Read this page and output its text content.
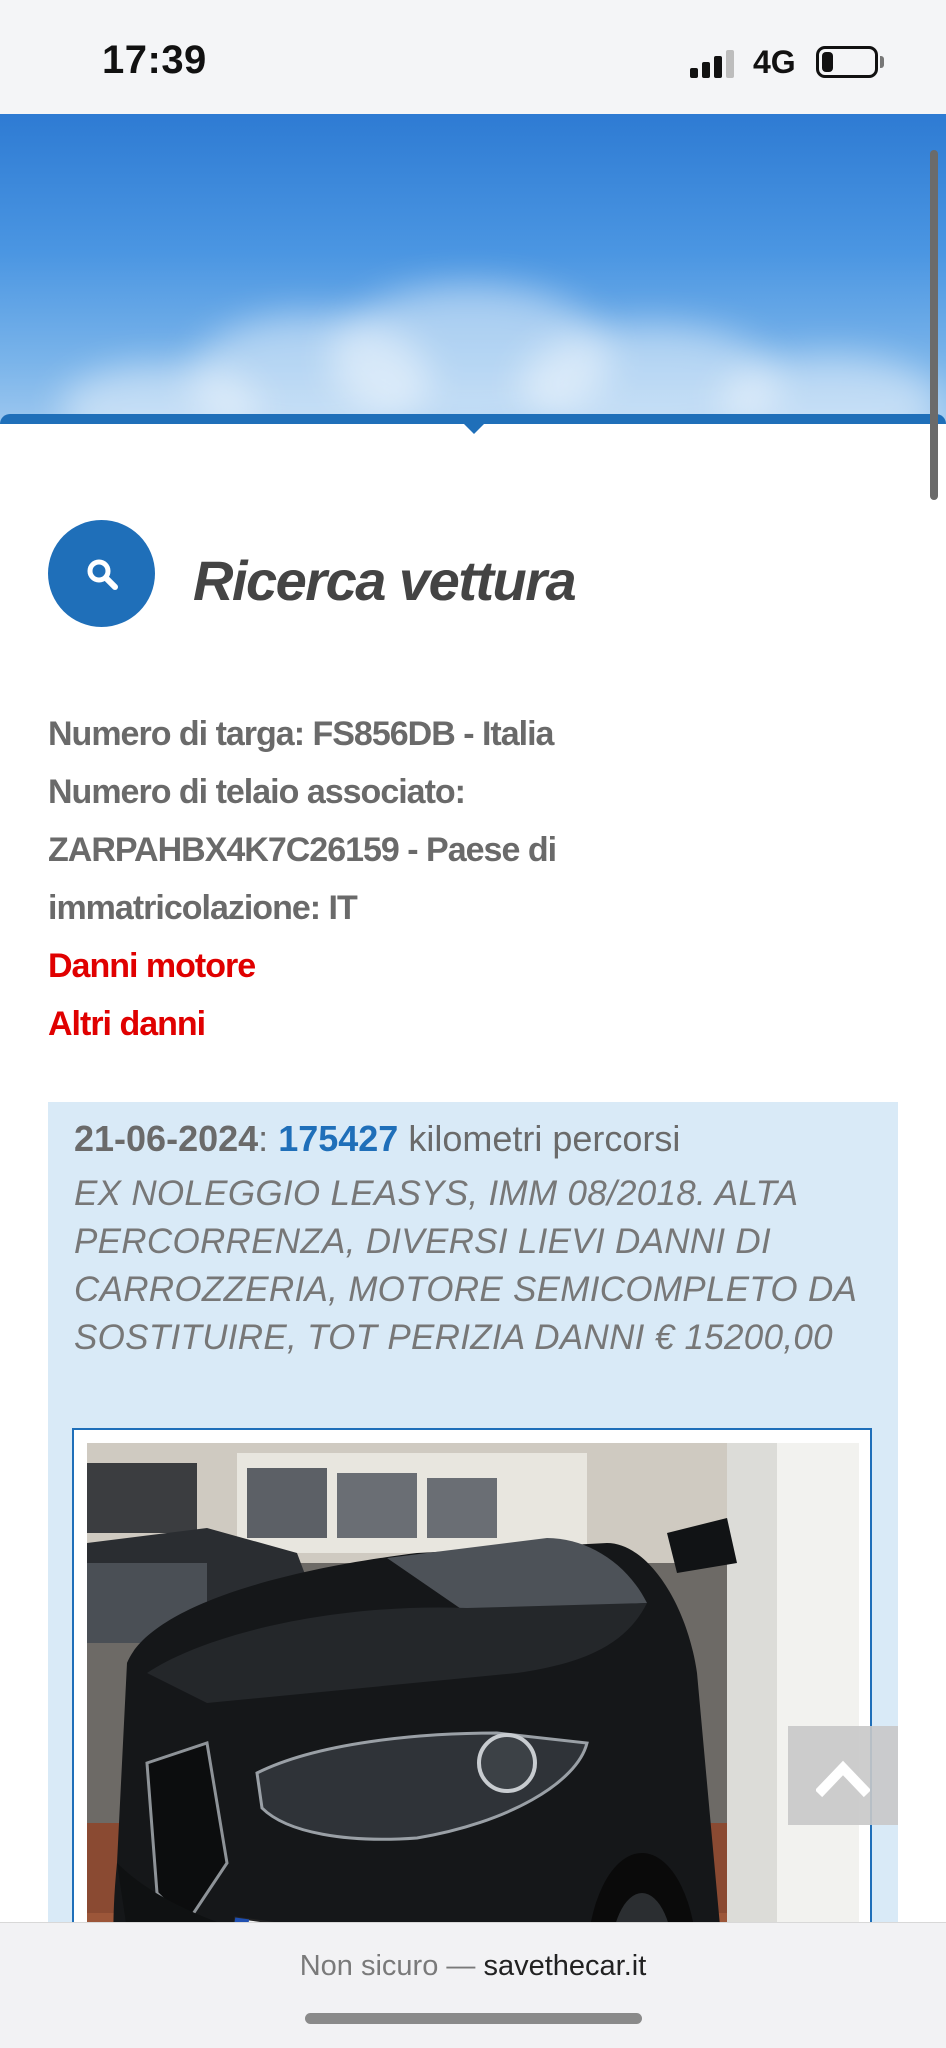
17:39	4G
Ricerca vettura
Numero di targa: FS856DB - Italia
Numero di telaio associato:
ZARPAHBX4K7C26159 - Paese di
immatricolazione: IT
Danni motore
Altri danni
21-06-2024: 175427 kilometri percorsi
EX NOLEGGIO LEASYS, IMM 08/2018. ALTA PERCORRENZA, DIVERSI LIEVI DANNI DI CARROZZERIA, MOTORE SEMICOMPLETO DA SOSTITUIRE, TOT PERIZIA DANNI € 15200,00
Non sicuro — savethecar.it
